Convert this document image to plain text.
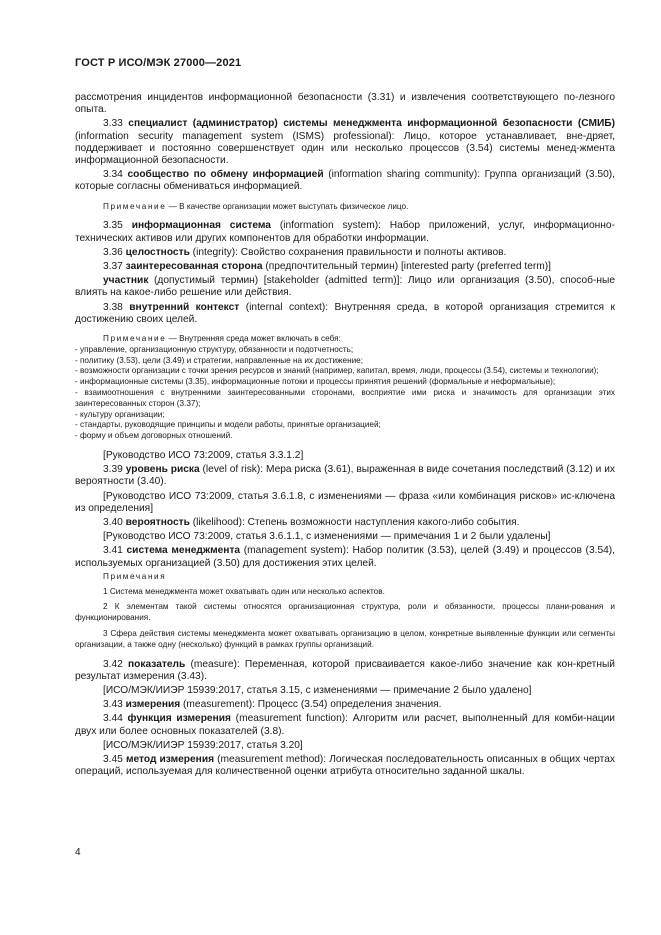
ГОСТ Р ИСО/МЭК 27000—2021

рассмотрения инцидентов информационной безопасности (3.31) и извлечения соответствующего по-лезного опыта.

3.33 специалист (администратор) системы менеджмента информационной безопасности (СМИБ) (information security management system (ISMS) professional): Лицо, которое устанавливает, вне-дряет, поддерживает и постоянно совершенствует один или несколько процессов (3.54) системы менед-жмента информационной безопасности.

3.34 сообщество по обмену информацией (information sharing community): Группа организаций (3.50), которые согласны обмениваться информацией.

Примечание — В качестве организации может выступать физическое лицо.

3.35 информационная система (information system): Набор приложений, услуг, информационно-технических активов или других компонентов для обработки информации.

3.36 целостность (integrity): Свойство сохранения правильности и полноты активов.

3.37 заинтересованная сторона (предпочтительный термин) [interested party (preferred term)]

участник (допустимый термин) [stakeholder (admitted term)]: Лицо или организация (3.50), способ-ные влиять на какое-либо решение или действия.

3.38 внутренний контекст (internal context): Внутренняя среда, в которой организация стремится к достижению своих целей.

Примечание — Внутренняя среда может включать в себя:

- управление, организационную структуру, обязанности и подотчетность;

- политику (3.53), цели (3.49) и стратегии, направленные на их достижение;

- возможности организации с точки зрения ресурсов и знаний (например, капитал, время, люди, процессы (3.54), системы и технологии);

- информационные системы (3.35), информационные потоки и процессы принятия решений (формальные и неформальные);

- взаимоотношения с внутренними заинтересованными сторонами, восприятие ими риска и значимость для организации этих заинтересованных сторон (3.37);

- культуру организации;

- стандарты, руководящие принципы и модели работы, принятые организацией;

- форму и объем договорных отношений.

[Руководство ИСО 73:2009, статья 3.3.1.2]

3.39 уровень риска (level of risk): Мера риска (3.61), выраженная в виде сочетания последствий (3.12) и их вероятности (3.40).

[Руководство ИСО 73:2009, статья 3.6.1.8, с изменениями — фраза «или комбинация рисков» ис-ключена из определения]

3.40 вероятность (likelihood): Степень возможности наступления какого-либо события.

[Руководство ИСО 73:2009, статья 3.6.1.1, с изменениями — примечания 1 и 2 были удалены]

3.41 система менеджмента (management system): Набор политик (3.53), целей (3.49) и процессов (3.54), используемых организацией (3.50) для достижения этих целей.

Примечания

1 Система менеджмента может охватывать один или несколько аспектов.

2 К элементам такой системы относятся организационная структура, роли и обязанности, процессы плани-рования и функционирования.

3 Сфера действия системы менеджмента может охватывать организацию в целом, конкретные выявленные функции или сегменты организации, а также одну (несколько) функций в рамках группы организаций.

3.42 показатель (measure): Переменная, которой присваивается какое-либо значение как кон-кретный результат измерения (3.43).

[ИСО/МЭК/ИИЭР 15939:2017, статья 3.15, с изменениями — примечание 2 было удалено]

3.43 измерения (measurement): Процесс (3.54) определения значения.

3.44 функция измерения (measurement function): Алгоритм или расчет, выполненный для комби-нации двух или более основных показателей (3.8).

[ИСО/МЭК/ИИЭР 15939:2017, статья 3.20]

3.45 метод измерения (measurement method): Логическая последовательность описанных в общих чертах операций, используемая для количественной оценки атрибута относительно заданной шкалы.

4
